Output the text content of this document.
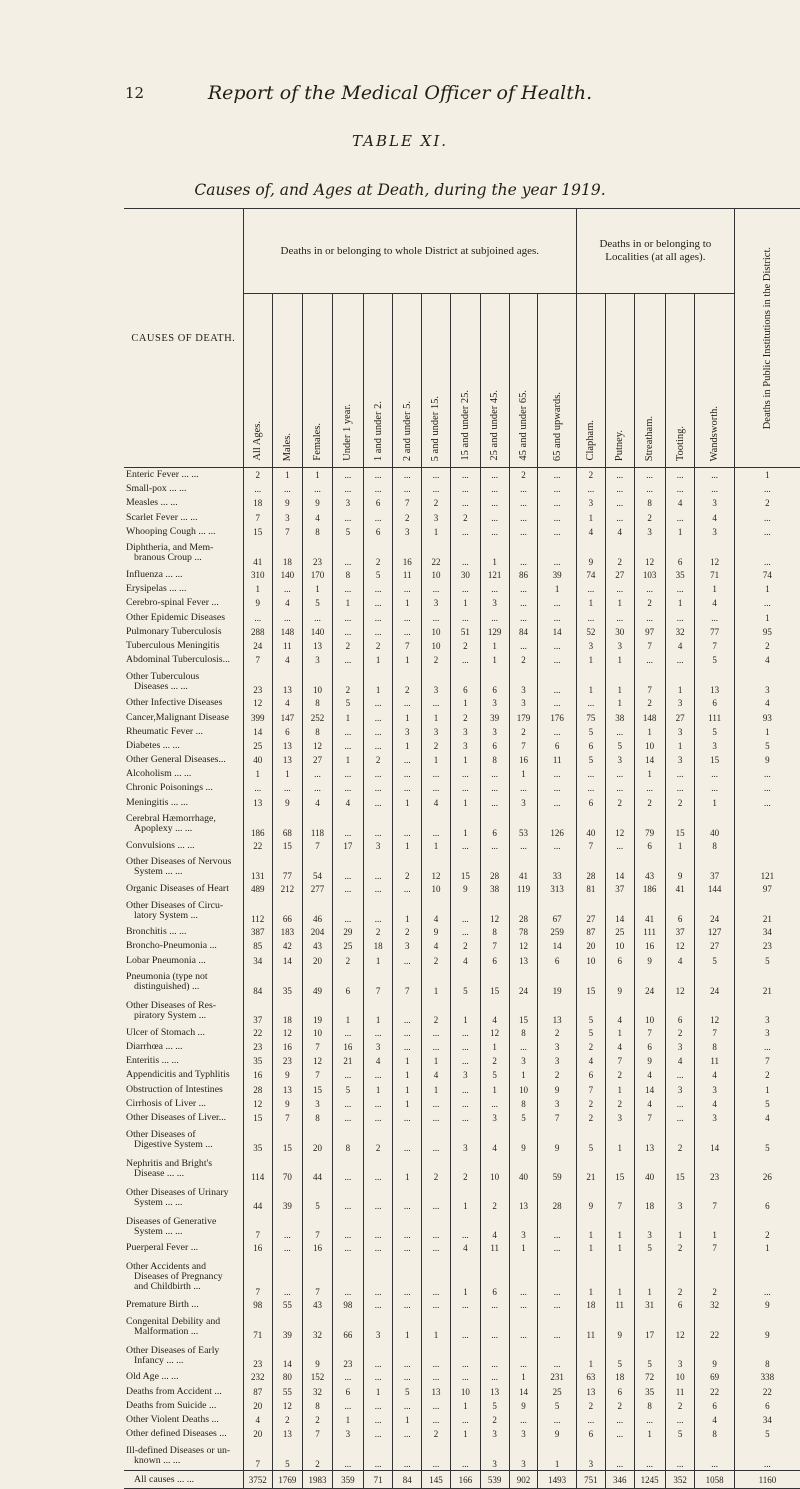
12	Report of the Medical Officer of Health.
TABLE XI.
Causes of, and Ages at Death, during the year 1919.
CAUSES OF DEATH.	Deaths in or belonging to whole District at subjoined ages.											Deaths in or belonging to Localities (at all ages).					Deaths in Public Institutions in the District.

	All Ages.	Males.	Females.	Under 1 year.	1 and under 2.	2 and under 5.	5 and under 15.	15 and under 25.	25 and under 45.	45 and under 65.	65 and upwards.	Clapham.	Putney.	Streatham.	Tooting.	Wandsworth.	

Enteric Fever ... ...	2	1	1	...	...	...	...	...	...	2	...	2	...	...	...	...	1
Small-pox ... ...	...	...	...	...	...	...	...	...	...	...	...	...	...	...	...	...	...
Measles ... ...	18	9	9	3	6	7	2	...	...	...	...	3	...	8	4	3	2
Scarlet Fever ... ...	7	3	4	...	...	2	3	2	...	...	...	1	...	2	...	4	...
Whooping Cough ... ...	15	7	8	5	6	3	1	...	...	...	...	4	4	3	1	3	...
Diphtheria, and Mem-
branous Croup ...	41	18	23	...	2	16	22	...	1	...	...	9	2	12	6	12	...
Influenza ... ...	310	140	170	8	5	11	10	30	121	86	39	74	27	103	35	71	74
Erysipelas ... ...	1	...	1	...	...	...	...	...	...	...	1	...	...	...	...	1	1
Cerebro-spinal Fever ...	9	4	5	1	...	1	3	1	3	...	...	1	1	2	1	4	...
Other Epidemic Diseases	...	...	...	...	...	...	...	...	...	...	...	...	...	...	...	...	1
Pulmonary Tuberculosis	288	148	140	...	...	...	10	51	129	84	14	52	30	97	32	77	95
Tuberculous Meningitis	24	11	13	2	2	7	10	2	1	...	...	3	3	7	4	7	2
Abdominal Tuberculosis...	7	4	3	...	1	1	2	...	1	2	...	1	1	...	...	5	4
Other Tuberculous
Diseases ... ...	23	13	10	2	1	2	3	6	6	3	...	1	1	7	1	13	3
Other Infective Diseases	12	4	8	5	...	...	...	1	3	3	...	...	1	2	3	6	4
Cancer,Malignant Disease	399	147	252	1	...	1	1	2	39	179	176	75	38	148	27	111	93
Rheumatic Fever ...	14	6	8	...	...	3	3	3	3	2	...	5	...	1	3	5	1
Diabetes ... ...	25	13	12	...	...	1	2	3	6	7	6	6	5	10	1	3	5
Other General Diseases...	40	13	27	1	2	...	1	1	8	16	11	5	3	14	3	15	9
Alcoholism ... ...	1	1	...	...	...	...	...	...	...	1	...	...	...	1	...	...	...
Chronic Poisonings ...	...	...	...	...	...	...	...	...	...	...	...	...	...	...	...	...	...
Meningitis ... ...	13	9	4	4	...	1	4	1	...	3	...	6	2	2	2	1	...
Cerebral Hæmorrhage,
Apoplexy ... ...	186	68	118	...	...	...	...	1	6	53	126	40	12	79	15	40	
Convulsions ... ...	22	15	7	17	3	1	1	...	...	...	...	7	...	6	1	8	
Other Diseases of Nervous
System ... ...	131	77	54	...	...	2	12	15	28	41	33	28	14	43	9	37	121
Organic Diseases of Heart	489	212	277	...	...	...	10	9	38	119	313	81	37	186	41	144	97
Other Diseases of Circu-
latory System ...	112	66	46	...	...	1	4	...	12	28	67	27	14	41	6	24	21
Bronchitis ... ...	387	183	204	29	2	2	9	...	8	78	259	87	25	111	37	127	34
Broncho-Pneumonia ...	85	42	43	25	18	3	4	2	7	12	14	20	10	16	12	27	23
Lobar Pneumonia ...	34	14	20	2	1	...	2	4	6	13	6	10	6	9	4	5	5
Pneumonia (type not
distinguished) ...	84	35	49	6	7	7	1	5	15	24	19	15	9	24	12	24	21
Other Diseases of Res-
piratory System ...	37	18	19	1	1	...	2	1	4	15	13	5	4	10	6	12	3
Ulcer of Stomach ...	22	12	10	...	...	...	...	...	12	8	2	5	1	7	2	7	3
Diarrhœa ... ...	23	16	7	16	3	...	...	...	1	...	3	2	4	6	3	8	...
Enteritis ... ...	35	23	12	21	4	1	1	...	2	3	3	4	7	9	4	11	7
Appendicitis and Typhlitis	16	9	7	...	...	1	4	3	5	1	2	6	2	4	...	4	2
Obstruction of Intestines	28	13	15	5	1	1	1	...	1	10	9	7	1	14	3	3	1
Cirrhosis of Liver ...	12	9	3	...	...	1	...	...	...	8	3	2	2	4	...	4	5
Other Diseases of Liver...	15	7	8	...	...	...	...	...	3	5	7	2	3	7	...	3	4
Other Diseases of
Digestive System ...	35	15	20	8	2	...	...	3	4	9	9	5	1	13	2	14	5
Nephritis and Bright's
Disease ... ...	114	70	44	...	...	1	2	2	10	40	59	21	15	40	15	23	26
Other Diseases of Urinary
System ... ...	44	39	5	...	...	...	...	1	2	13	28	9	7	18	3	7	6
Diseases of Generative
System ... ...	7	...	7	...	...	...	...	...	4	3	...	1	1	3	1	1	2
Puerperal Fever ...	16	...	16	...	...	...	...	4	11	1	...	1	1	5	2	7	1
Other Accidents and
Diseases of Pregnancy
and Childbirth ...	7	...	7	...	...	...	...	1	6	...	...	1	1	1	2	2	...
Premature Birth ...	98	55	43	98	...	...	...	...	...	...	...	18	11	31	6	32	9
Congenital Debility and
Malformation ...	71	39	32	66	3	1	1	...	...	...	...	11	9	17	12	22	9
Other Diseases of Early
Infancy ... ...	23	14	9	23	...	...	...	...	...	...	...	1	5	5	3	9	8
Old Age ... ...	232	80	152	...	...	...	...	...	...	1	231	63	18	72	10	69	338
Deaths from Accident ...	87	55	32	6	1	5	13	10	13	14	25	13	6	35	11	22	22
Deaths from Suicide ...	20	12	8	...	...	...	...	1	5	9	5	2	2	8	2	6	6
Other Violent Deaths ...	4	2	2	1	...	1	...	...	2	...	...	...	...	...	...	4	34
Other defined Diseases ...	20	13	7	3	...	...	2	1	3	3	9	6	...	1	5	8	5
Ill-defined Diseases or un-
known ... ...	7	5	2	...	...	...	...	...	3	3	1	3	...	...	...	...	...
All causes ... ...	3752	1769	1983	359	71	84	145	166	539	902	1493	751	346	1245	352	1058	1160
